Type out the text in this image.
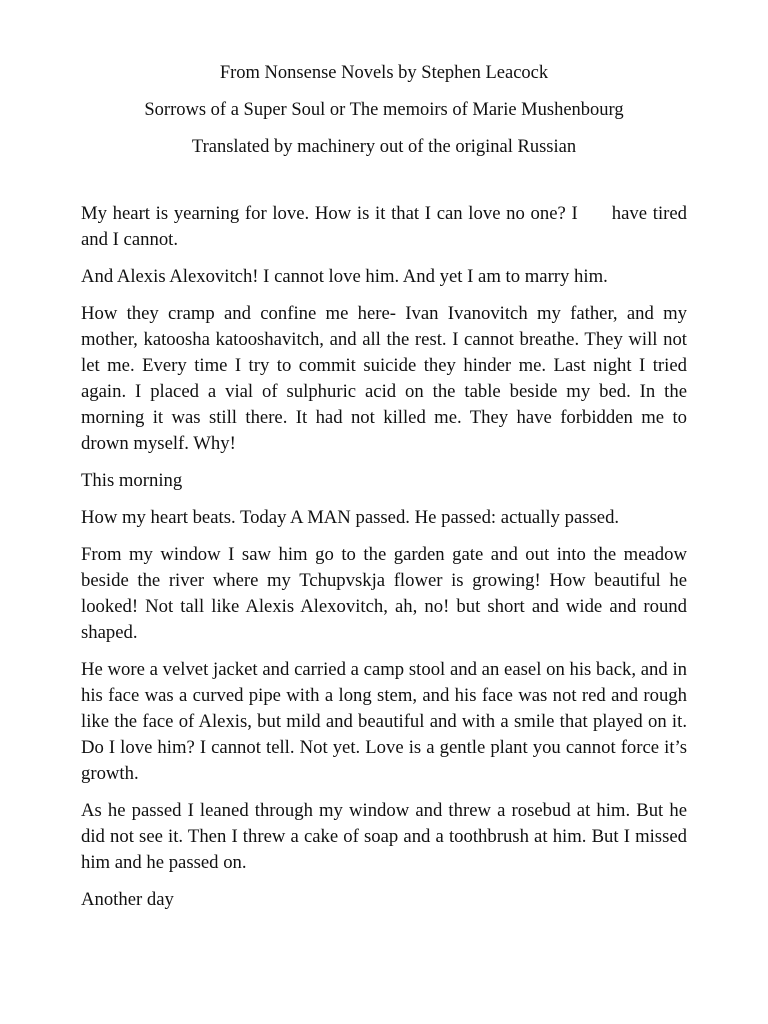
From Nonsense Novels by Stephen Leacock

Sorrows of a Super Soul or The memoirs of Marie Mushenbourg

Translated by machinery out of the original Russian

My heart is yearning for love. How is it that I can love no one? I      have tired and I cannot.

And Alexis Alexovitch! I cannot love him. And yet I am to marry him.

How they cramp and confine me here- Ivan Ivanovitch my father, and my mother, katoosha katooshavitch, and all the rest. I cannot breathe. They will not let me. Every time I try to commit suicide they hinder me. Last night I tried again. I placed a vial of sulphuric acid on the table beside my bed. In the morning it was still there. It had not killed me. They have forbidden me to drown myself. Why!

This morning

How my heart beats. Today A MAN passed. He passed: actually passed.

From my window I saw him go to the garden gate and out into the meadow beside the river where my Tchupvskja flower is growing! How beautiful he looked! Not tall like Alexis Alexovitch, ah, no! but short and wide and round shaped.

He wore a velvet jacket and carried a camp stool and an easel on his back, and in his face was a curved pipe with a long stem, and his face was not red and rough like the face of Alexis, but mild and beautiful and with a smile that played on it. Do I love him? I cannot tell. Not yet. Love is a gentle plant you cannot force it’s growth.

As he passed I leaned through my window and threw a rosebud at him. But he did not see it. Then I threw a cake of soap and a toothbrush at him. But I missed him and he passed on.

Another day
